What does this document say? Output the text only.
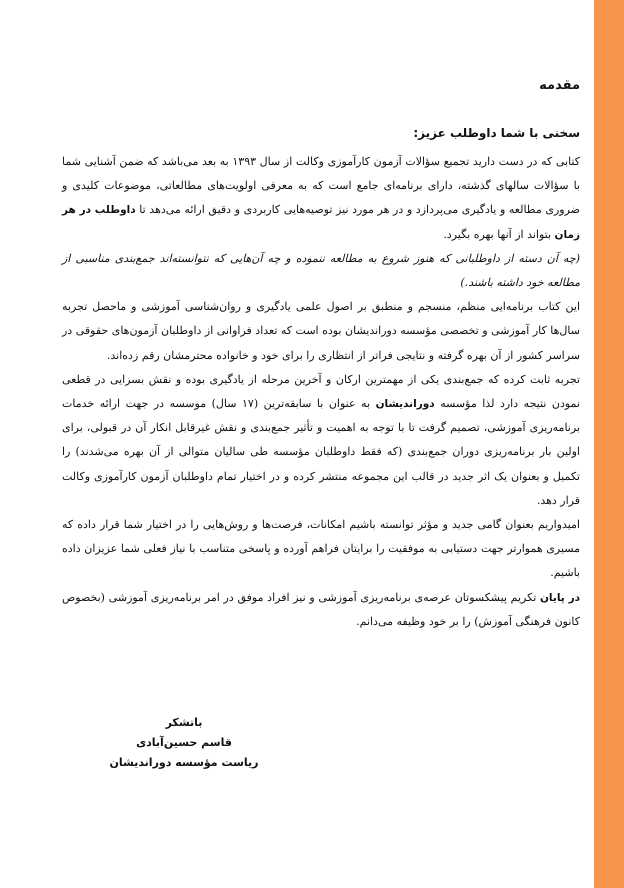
مقدمه
سخنی با شما داوطلب عزیز:

کتابی که در دست دارید تجمیع سؤالات آزمون کارآموزی وکالت از سال ۱۳۹۳ به بعد می‌باشد که ضمن آشنایی شما با سؤالات سالهای گذشته، دارای برنامه‌ای جامع است که به معرفی اولویت‌های مطالعاتی، موضوعات کلیدی و ضروری مطالعه و یادگیری می‌پردازد و در هر مورد نیز توصیه‌هایی کاربردی و دقیق ارائه می‌دهد تا داوطلب در هر زمان بتواند از آنها بهره بگیرد.

(چه آن دسته از داوطلبانی که هنوز شروع به مطالعه ننموده و چه آن‌هایی که نتوانسته‌اند جمع‌بندی مناسبی از مطالعه خود داشته باشند.)

این کتاب برنامه‌ایی منظم، منسجم و منطبق بر اصول علمی یادگیری و روان‌شناسی آموزشی و ماحصل تجربه سال‌ها کار آموزشی و تخصصی مؤسسه دوراندیشان بوده است که تعداد فراوانی از داوطلبان آزمون‌های حقوقی در سراسر کشور از آن بهره گرفته و نتایجی فراتر از انتظاری را برای خود و خانواده محترمشان رقم زده‌اند.

تجربه ثابت کرده که جمع‌بندی یکی از مهمترین ارکان و آخرین مرحله از یادگیری بوده و نقش بسزایی در قطعی نمودن نتیجه دارد لذا مؤسسه دوراندیشان به عنوان با سابقه‌ترین (۱۷ سال) موسسه در جهت ارائه خدمات برنامه‌ریزی آموزشی، تصمیم گرفت تا با توجه به اهمیت و تأثیر جمع‌بندی و نقش غیرقابل انکار آن در قبولی، برای اولین بار برنامه‌ریزی دوران جمع‌بندی (که فقط داوطلبان مؤسسه طی سالیان متوالی از آن بهره می‌شدند) را تکمیل و بعنوان یک اثر جدید در قالب این مجموعه منتشر کرده و در اختیار تمام داوطلبان آزمون کارآموزی وکالت قرار دهد.

امیدواریم بعنوان گامی جدید و مؤثر توانسته باشیم امکانات، فرصت‌ها و روش‌هایی را در اختیار شما قرار داده که مسیری هموارتر جهت دستیابی به موفقیت را برایتان فراهم آورده و پاسخی متناسب با نیاز فعلی شما عزیزان داده باشیم.

در پایان تکریم پیشکسوتان عرصه‌ی برنامه‌ریزی آموزشی و نیز افراد موفق در امر برنامه‌ریزی آموزشی (بخصوص کانون فرهنگی آموزش) را بر خود وظیفه می‌دانم.

باتشکر
قاسم حسین‌آبادی
ریاست مؤسسه دوراندیشان
